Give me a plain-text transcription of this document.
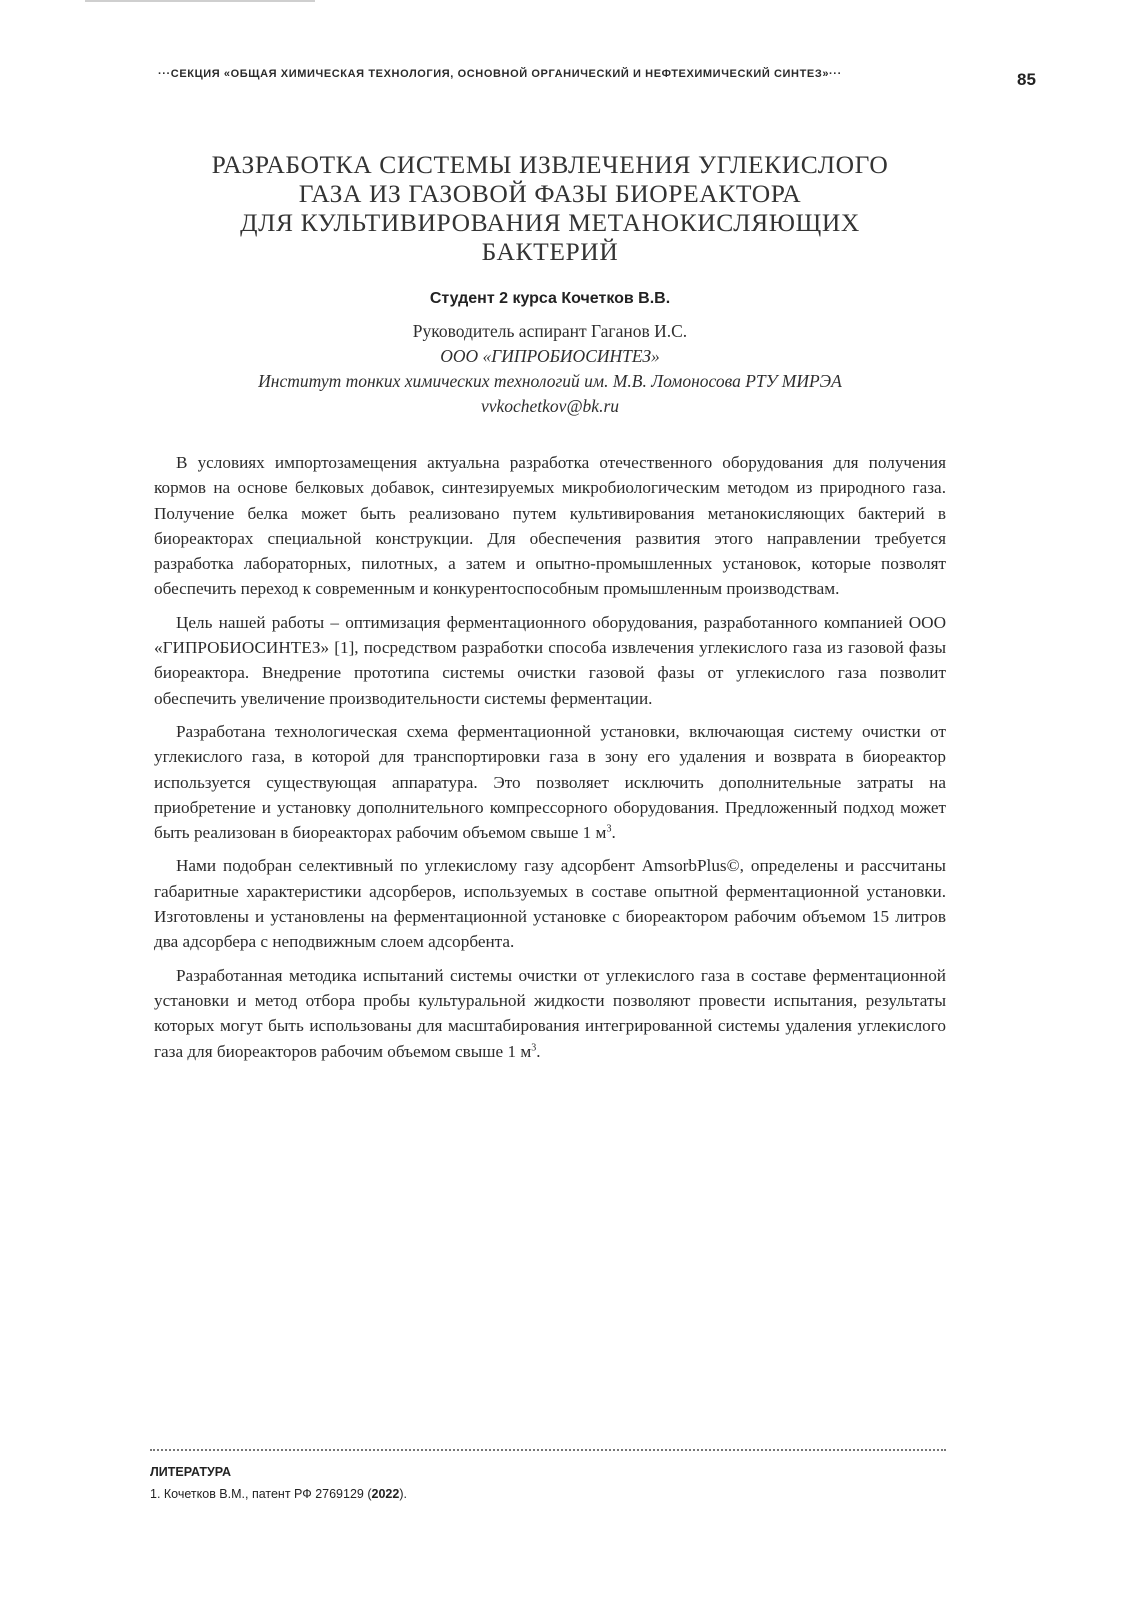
···СЕКЦИЯ «ОБЩАЯ ХИМИЧЕСКАЯ ТЕХНОЛОГИЯ, ОСНОВНОЙ ОРГАНИЧЕСКИЙ И НЕФТЕХИМИЧЕСКИЙ СИНТЕЗ»···	85
РАЗРАБОТКА СИСТЕМЫ ИЗВЛЕЧЕНИЯ УГЛЕКИСЛОГО
ГАЗА ИЗ ГАЗОВОЙ ФАЗЫ БИОРЕАКТОРА
ДЛЯ КУЛЬТИВИРОВАНИЯ МЕТАНОКИСЛЯЮЩИХ
БАКТЕРИЙ
Студент 2 курса Кочетков В.В.
Руководитель аспирант Гаганов И.С.
ООО «ГИПРОБИОСИНТЕЗ»
Институт тонких химических технологий им. М.В. Ломоносова РТУ МИРЭА
vvkochetkov@bk.ru

В условиях импортозамещения актуальна разработка отечественного оборудования для получения кормов на основе белковых добавок, синтезируемых микробиологическим методом из природного газа. Получение белка может быть реализовано путем культивирования метанокисляющих бактерий в биореакторах специальной конструкции. Для обеспечения развития этого направлении требуется разработка лабораторных, пилотных, а затем и опытно-промышленных установок, которые позволят обеспечить переход к современным и конкурентоспособным промышленным производствам.

Цель нашей работы – оптимизация ферментационного оборудования, разработанного компанией ООО «ГИПРОБИОСИНТЕЗ» [1], посредством разработки способа извлечения углекислого газа из газовой фазы биореактора. Внедрение прототипа системы очистки газовой фазы от углекислого газа позволит обеспечить увеличение производительности системы ферментации.

Разработана технологическая схема ферментационной установки, включающая систему очистки от углекислого газа, в которой для транспортировки газа в зону его удаления и возврата в биореактор используется существующая аппаратура. Это позволяет исключить дополнительные затраты на приобретение и установку дополнительного компрессорного оборудования. Предложенный подход может быть реализован в биореакторах рабочим объемом свыше 1 $м^3$.

Нами подобран селективный по углекислому газу адсорбент AmsorbPlus©, определены и рассчитаны габаритные характеристики адсорберов, используемых в составе опытной ферментационной установки. Изготовлены и установлены на ферментационной установке с биореактором рабочим объемом 15 литров два адсорбера с неподвижным слоем адсорбента.

Разработанная методика испытаний системы очистки от углекислого газа в составе ферментационной установки и метод отбора пробы культуральной жидкости позволяют провести испытания, результаты которых могут быть использованы для масштабирования интегрированной системы удаления углекислого газа для биореакторов рабочим объемом свыше 1 $м^3$.

ЛИТЕРАТУРА
1. Кочетков В.М., патент РФ 2769129 (2022).
